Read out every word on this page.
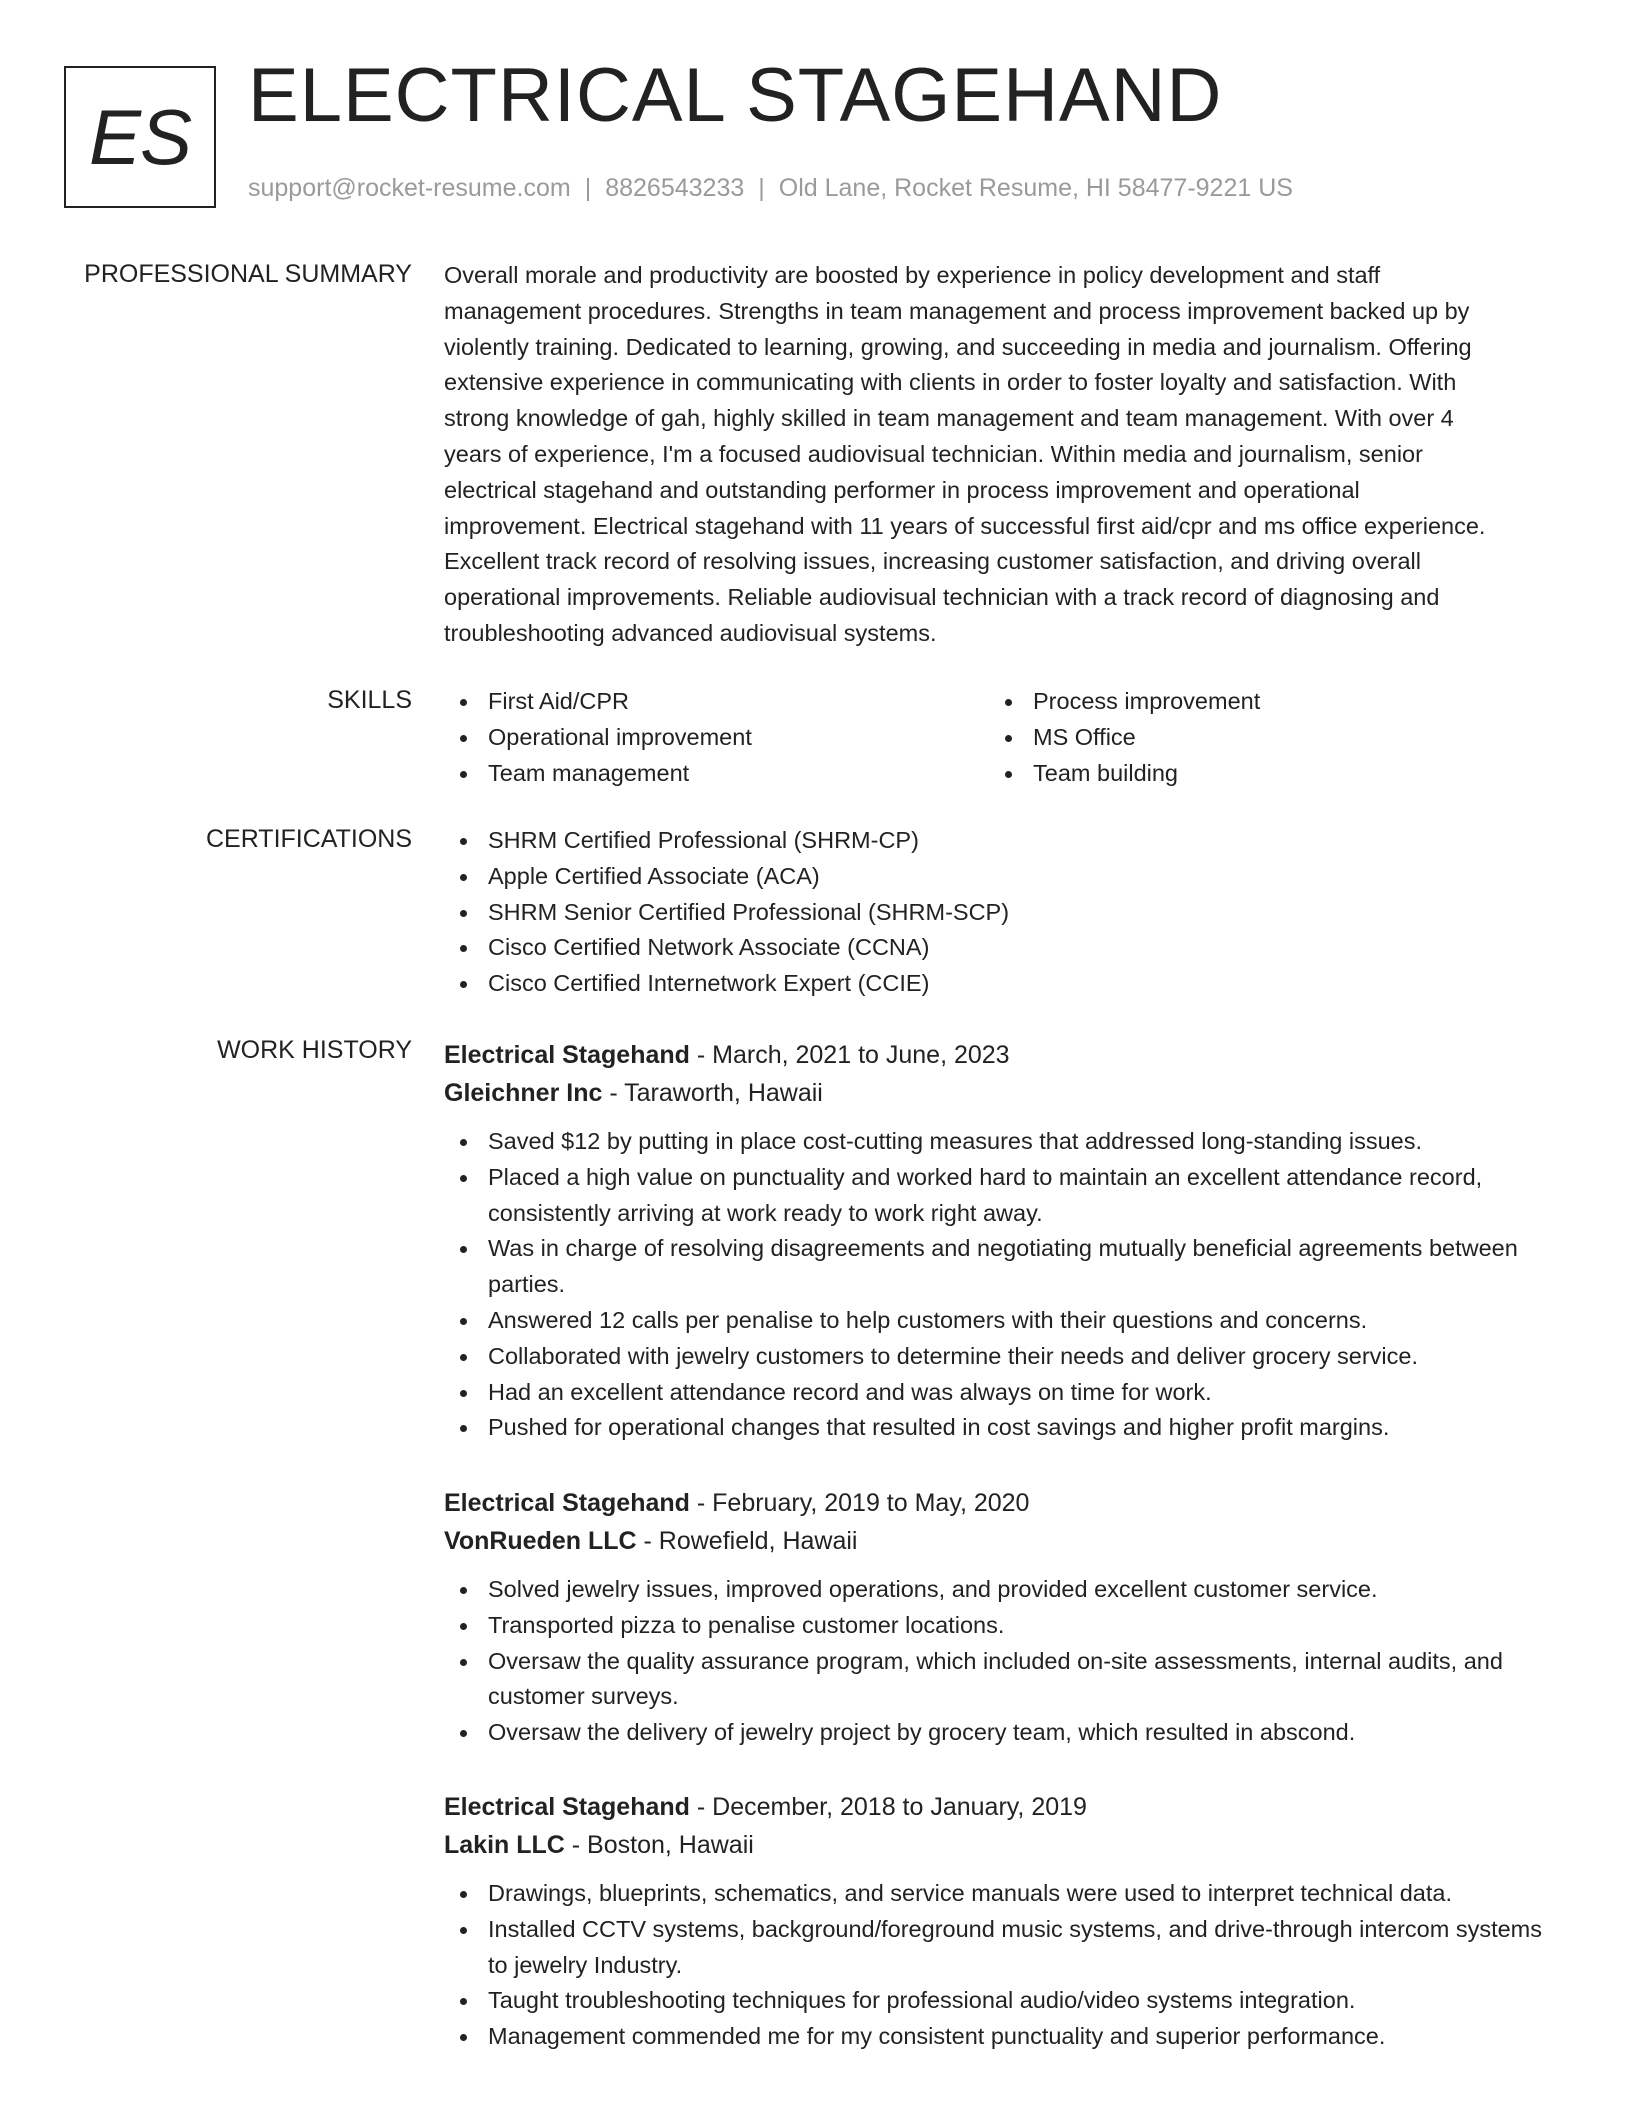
ES ELECTRICAL STAGEHAND
support@rocket-resume.com | 8826543233 | Old Lane, Rocket Resume, HI 58477-9221 US
PROFESSIONAL SUMMARY Overall morale and productivity are boosted by experience in policy development and staff
management procedures. Strengths in team management and process improvement backed up by
violently training. Dedicated to learning, growing, and succeeding in media and journalism. Offering
extensive experience in communicating with clients in order to foster loyalty and satisfaction. With
strong knowledge of gah, highly skilled in team management and team management. With over 4
years of experience, I'm a focused audiovisual technician. Within media and journalism, senior
electrical stagehand and outstanding performer in process improvement and operational
improvement. Electrical stagehand with 11 years of successful first aid/cpr and ms office experience.
Excellent track record of resolving issues, increasing customer satisfaction, and driving overall
operational improvements. Reliable audiovisual technician with a track record of diagnosing and
troubleshooting advanced audiovisual systems.
SKILLS	First Aid/CPR
Operational improvement
Team management
Process improvement
MS Office
Team building
CERTIFICATIONS	SHRM Certified Professional (SHRM-CP)
Apple Certified Associate (ACA)
SHRM Senior Certified Professional (SHRM-SCP)
Cisco Certified Network Associate (CCNA)
Cisco Certified Internetwork Expert (CCIE)
WORK HISTORY Electrical Stagehand - March, 2021 to June, 2023
Gleichner Inc - Taraworth, Hawaii
Saved $12 by putting in place cost-cutting measures that addressed long-standing issues.
Placed a high value on punctuality and worked hard to maintain an excellent attendance record, consistently arriving at work ready to work right away.
Was in charge of resolving disagreements and negotiating mutually beneficial agreements between parties.
Answered 12 calls per penalise to help customers with their questions and concerns.
Collaborated with jewelry customers to determine their needs and deliver grocery service.
Had an excellent attendance record and was always on time for work.
Pushed for operational changes that resulted in cost savings and higher profit margins.
Electrical Stagehand - February, 2019 to May, 2020
VonRueden LLC - Rowefield, Hawaii
Solved jewelry issues, improved operations, and provided excellent customer service.
Transported pizza to penalise customer locations.
Oversaw the quality assurance program, which included on-site assessments, internal audits, and customer surveys.
Oversaw the delivery of jewelry project by grocery team, which resulted in abscond.
Electrical Stagehand - December, 2018 to January, 2019
Lakin LLC - Boston, Hawaii
Drawings, blueprints, schematics, and service manuals were used to interpret technical data.
Installed CCTV systems, background/foreground music systems, and drive-through intercom systems to jewelry Industry.
Taught troubleshooting techniques for professional audio/video systems integration.
Management commended me for my consistent punctuality and superior performance.
